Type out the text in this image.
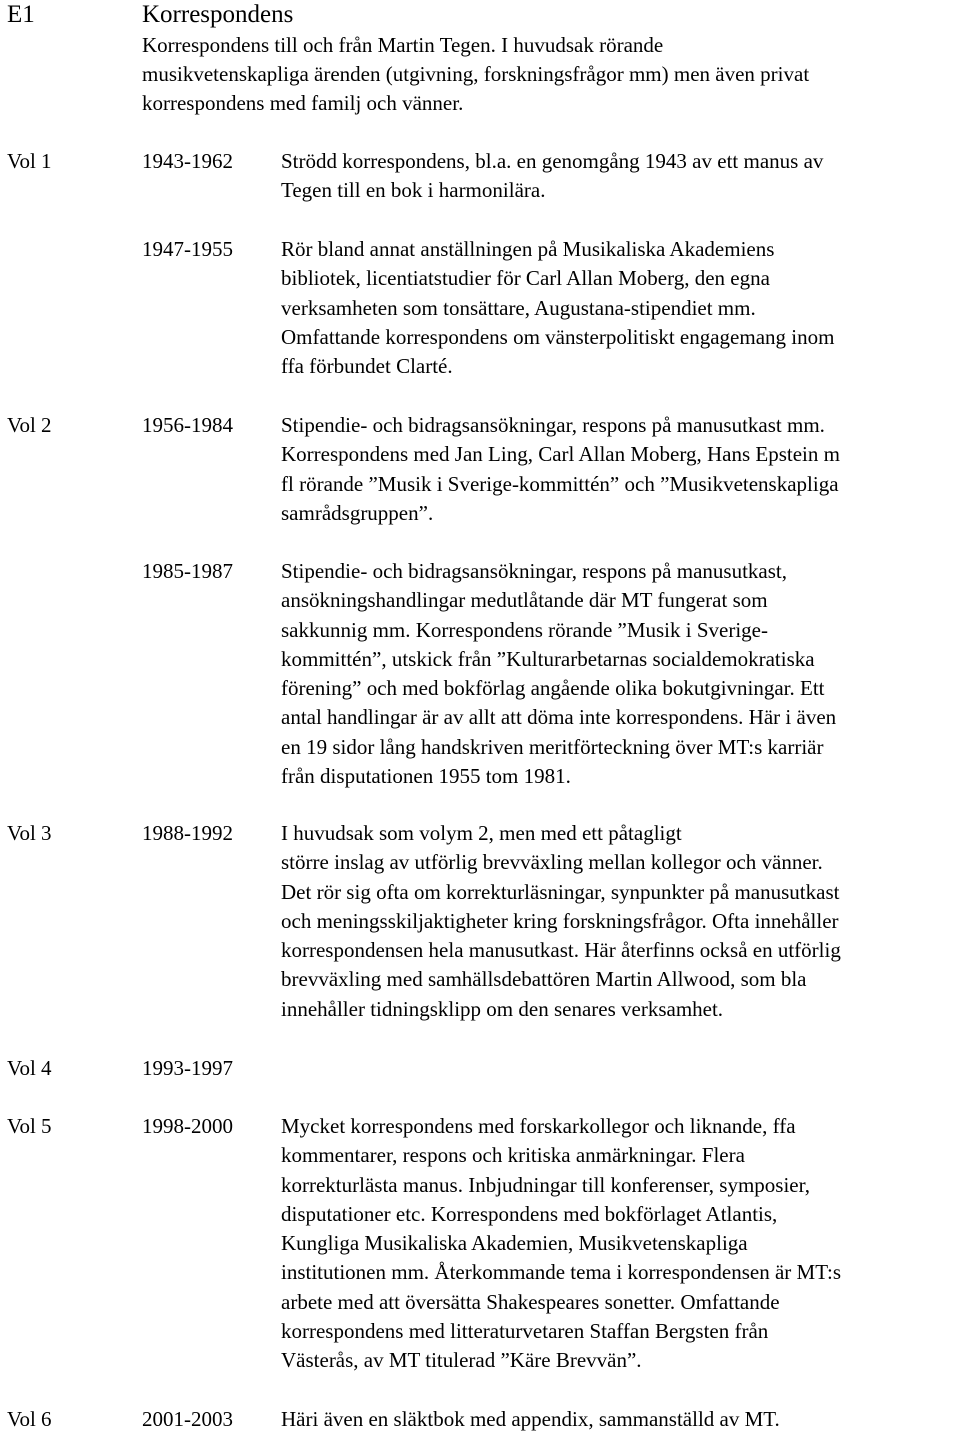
E1	Korrespondens
Korrespondens till och från Martin Tegen. I huvudsak rörande
musikvetenskapliga ärenden (utgivning, forskningsfrågor mm) men även privat
korrespondens med familj och vänner.
Vol 1	1943-1962 Strödd korrespondens, bl.a. en genomgång 1943 av ett manus av
Tegen till en bok i harmonilära.
1947-1955 Rör bland annat anställningen på Musikaliska Akademiens
bibliotek, licentiatstudier för Carl Allan Moberg, den egna
verksamheten som tonsättare, Augustana-stipendiet mm.
Omfattande korrespondens om vänsterpolitiskt engagemang inom
ffa förbundet Clarté.
Vol 2	1956-1984 Stipendie- och bidragsansökningar, respons på manusutkast mm.
Korrespondens med Jan Ling, Carl Allan Moberg, Hans Epstein m
fl rörande ”Musik i Sverige-kommittén” och ”Musikvetenskapliga
samrådsgruppen”.
1985-1987 Stipendie- och bidragsansökningar, respons på manusutkast,
ansökningshandlingar medutlåtande där MT fungerat som
sakkunnig mm. Korrespondens rörande ”Musik i Sverige-
kommittén”, utskick från ”Kulturarbetarnas socialdemokratiska
förening” och med bokförlag angående olika bokutgivningar. Ett
antal handlingar är av allt att döma inte korrespondens. Här i även
en 19 sidor lång handskriven meritförteckning över MT:s karriär
från disputationen 1955 tom 1981.
Vol 3	1988-1992 I huvudsak som volym 2, men med ett påtagligt
större inslag av utförlig brevväxling mellan kollegor och vänner.
Det rör sig ofta om korrekturläsningar, synpunkter på manusutkast
och meningsskiljaktigheter kring forskningsfrågor. Ofta innehåller
korrespondensen hela manusutkast. Här återfinns också en utförlig
brevväxling med samhällsdebattören Martin Allwood, som bla
innehåller tidningsklipp om den senares verksamhet.
Vol 4	1993-1997
Vol 5	1998-2000 Mycket korrespondens med forskarkollegor och liknande, ffa
kommentarer, respons och kritiska anmärkningar. Flera
korrekturlästa manus. Inbjudningar till konferenser, symposier,
disputationer etc. Korrespondens med bokförlaget Atlantis,
Kungliga Musikaliska Akademien, Musikvetenskapliga
institutionen mm. Återkommande tema i korrespondensen är MT:s
arbete med att översätta Shakespeares sonetter. Omfattande
korrespondens med litteraturvetaren Staffan Bergsten från
Västerås, av MT titulerad ”Käre Brevvän”.
Vol 6	2001-2003 Häri även en släktbok med appendix, sammanställd av MT.
